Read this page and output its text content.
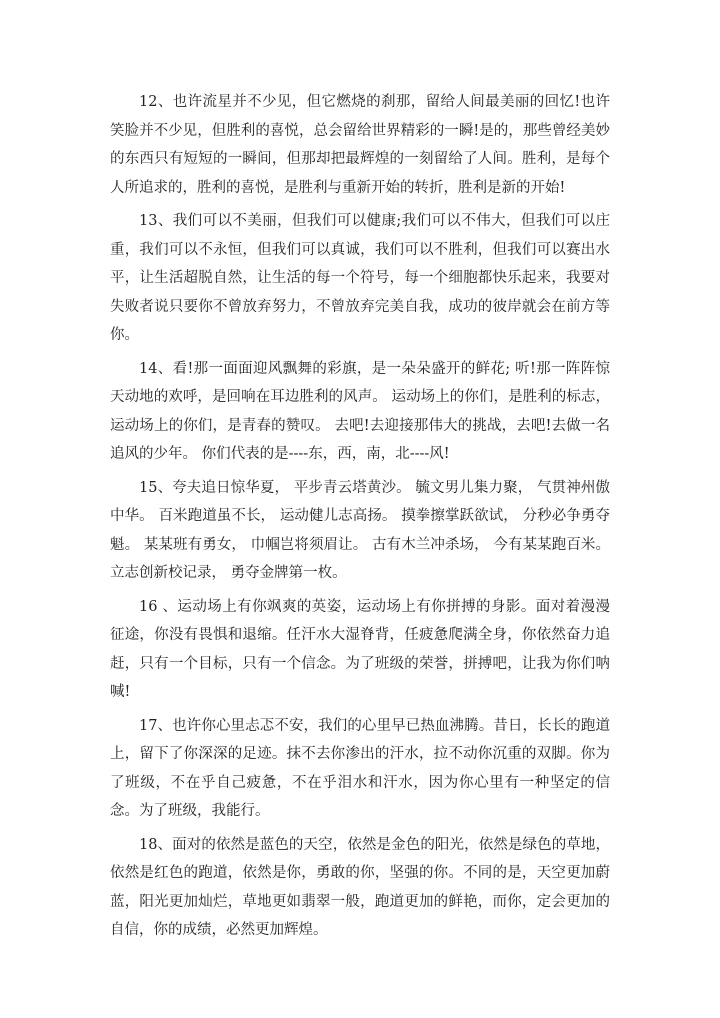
12、也许流星并不少见，但它燃烧的刹那，留给人间最美丽的回忆!也许笑脸并不少见，但胜利的喜悦，总会留给世界精彩的一瞬!是的，那些曾经美妙的东西只有短短的一瞬间，但那却把最辉煌的一刻留给了人间。胜利，是每个人所追求的，胜利的喜悦，是胜利与重新开始的转折，胜利是新的开始!

13、我们可以不美丽，但我们可以健康;我们可以不伟大，但我们可以庄重，我们可以不永恒，但我们可以真诚，我们可以不胜利，但我们可以赛出水平，让生活超脱自然，让生活的每一个符号，每一个细胞都快乐起来，我要对失败者说只要你不曾放弃努力，不曾放弃完美自我，成功的彼岸就会在前方等你。

14、看!那一面面迎风飘舞的彩旗，是一朵朵盛开的鲜花; 听!那一阵阵惊天动地的欢呼，是回响在耳边胜利的风声。 运动场上的你们，是胜利的标志，运动场上的你们，是青春的赞叹。 去吧!去迎接那伟大的挑战，去吧!去做一名追风的少年。 你们代表的是----东，西，南，北----风!

15、夸夫追日惊华夏， 平步青云塔黄沙。 毓文男儿集力聚， 气贯神州傲中华。 百米跑道虽不长， 运动健儿志高扬。 摸拳擦掌跃欲试， 分秒必争勇夺魁。 某某班有勇女， 巾帼岂将须眉让。 古有木兰冲杀场， 今有某某跑百米。 立志创新校记录， 勇夺金牌第一枚。

16 、运动场上有你飒爽的英姿，运动场上有你拼搏的身影。面对着漫漫征途，你没有畏惧和退缩。任汗水大湿脊背，任疲惫爬满全身，你依然奋力追赶，只有一个目标，只有一个信念。为了班级的荣誉，拼搏吧，让我为你们呐喊!

17、也许你心里忐忑不安，我们的心里早已热血沸腾。昔日，长长的跑道上，留下了你深深的足迹。抹不去你渗出的汗水，拉不动你沉重的双脚。你为了班级，不在乎自己疲惫，不在乎泪水和汗水，因为你心里有一种坚定的信念。为了班级，我能行。

18、面对的依然是蓝色的天空，依然是金色的阳光，依然是绿色的草地，依然是红色的跑道，依然是你，勇敢的你，坚强的你。不同的是，天空更加蔚蓝，阳光更加灿烂，草地更如翡翠一般，跑道更加的鲜艳，而你，定会更加的自信，你的成绩，必然更加辉煌。
